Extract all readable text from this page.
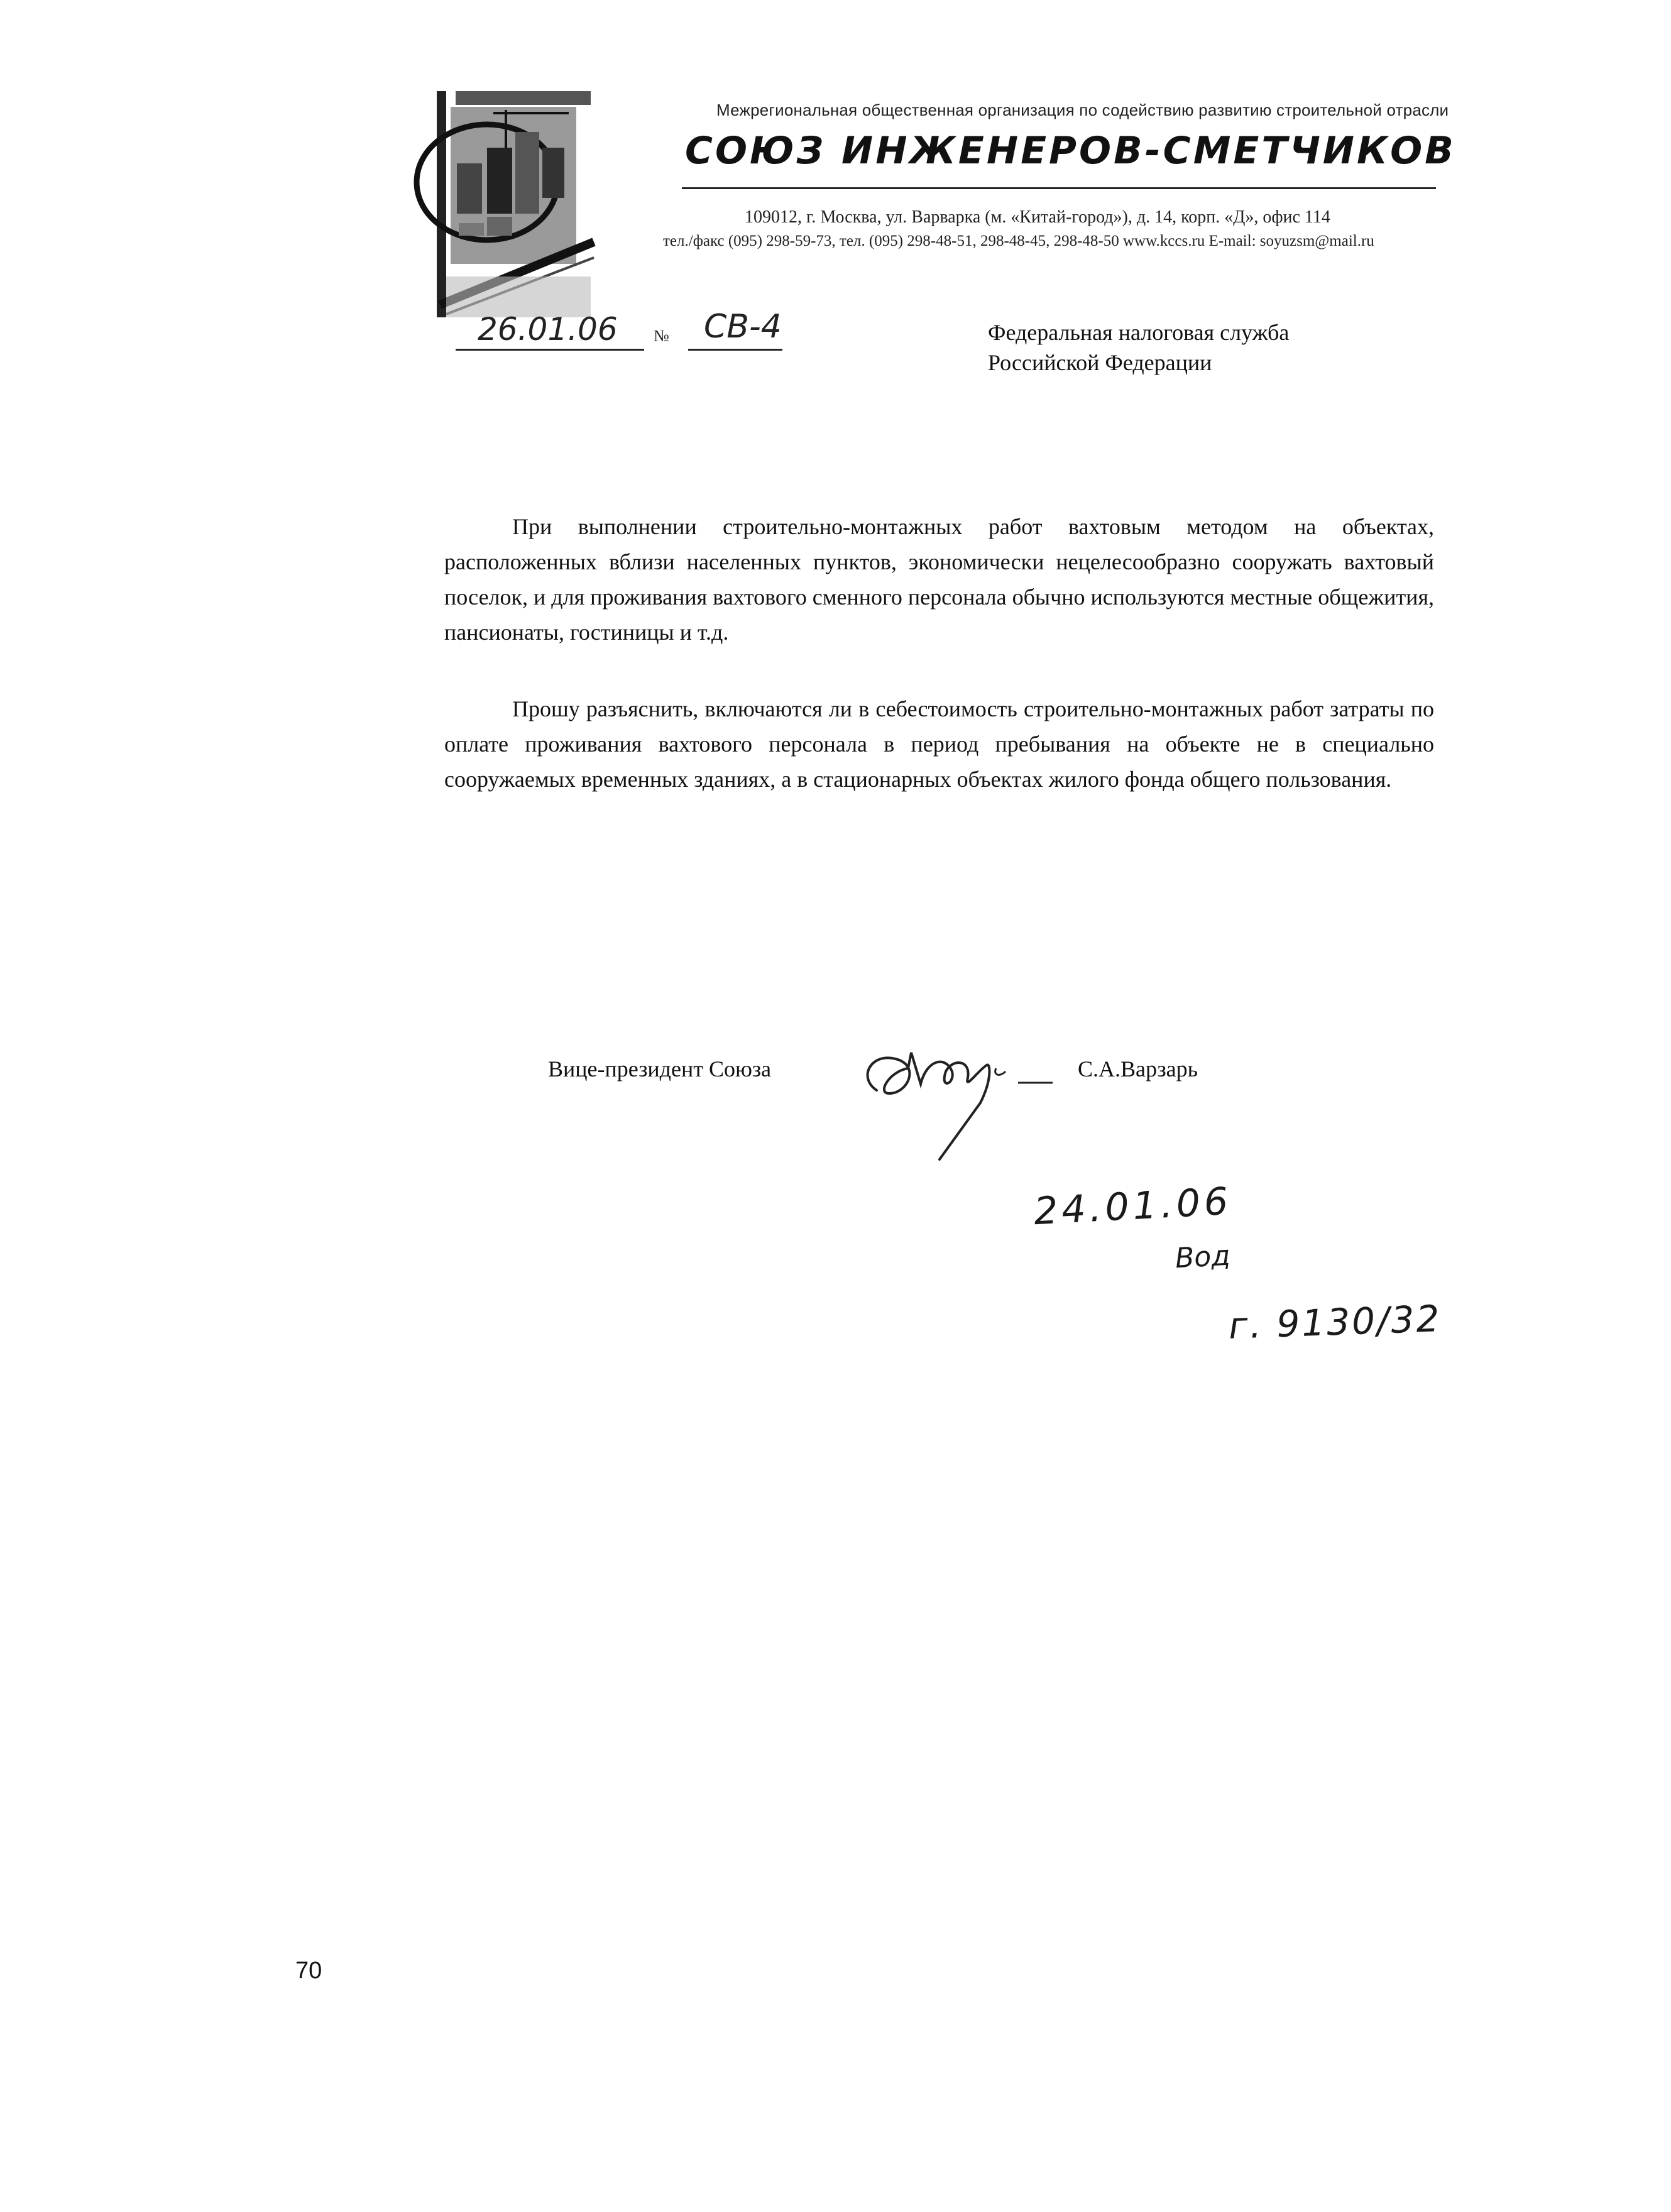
Межрегиональная общественная организация по содействию развитию строительной отрасли
СОЮЗ ИНЖЕНЕРОВ-СМЕТЧИКОВ
109012, г. Москва, ул. Варварка (м. «Китай-город»), д. 14, корп. «Д», офис 114
тел./факс (095) 298-59-73, тел. (095) 298-48-51, 298-48-45, 298-48-50 www.kccs.ru E-mail: soyuzsm@mail.ru
26.01.06 № СВ-4	Федеральная налоговая служба
Российской Федерации
При выполнении строительно-монтажных работ вахтовым методом на объектах, расположенных вблизи населенных пунктов, экономически нецелесообразно сооружать вахтовый поселок, и для проживания вахтового сменного персонала обычно используются местные общежития, пансионаты, гостиницы и т.д.
Прошу разъяснить, включаются ли в себестоимость строительно-монтажных работ затраты по оплате проживания вахтового персонала в период пребывания на объекте не в специально сооружаемых временных зданиях, а в стационарных объектах жилого фонда общего пользования.
Вице-президент Союза	С.А.Варзарь
24.01.06
Вод
г. 9130/32
70
